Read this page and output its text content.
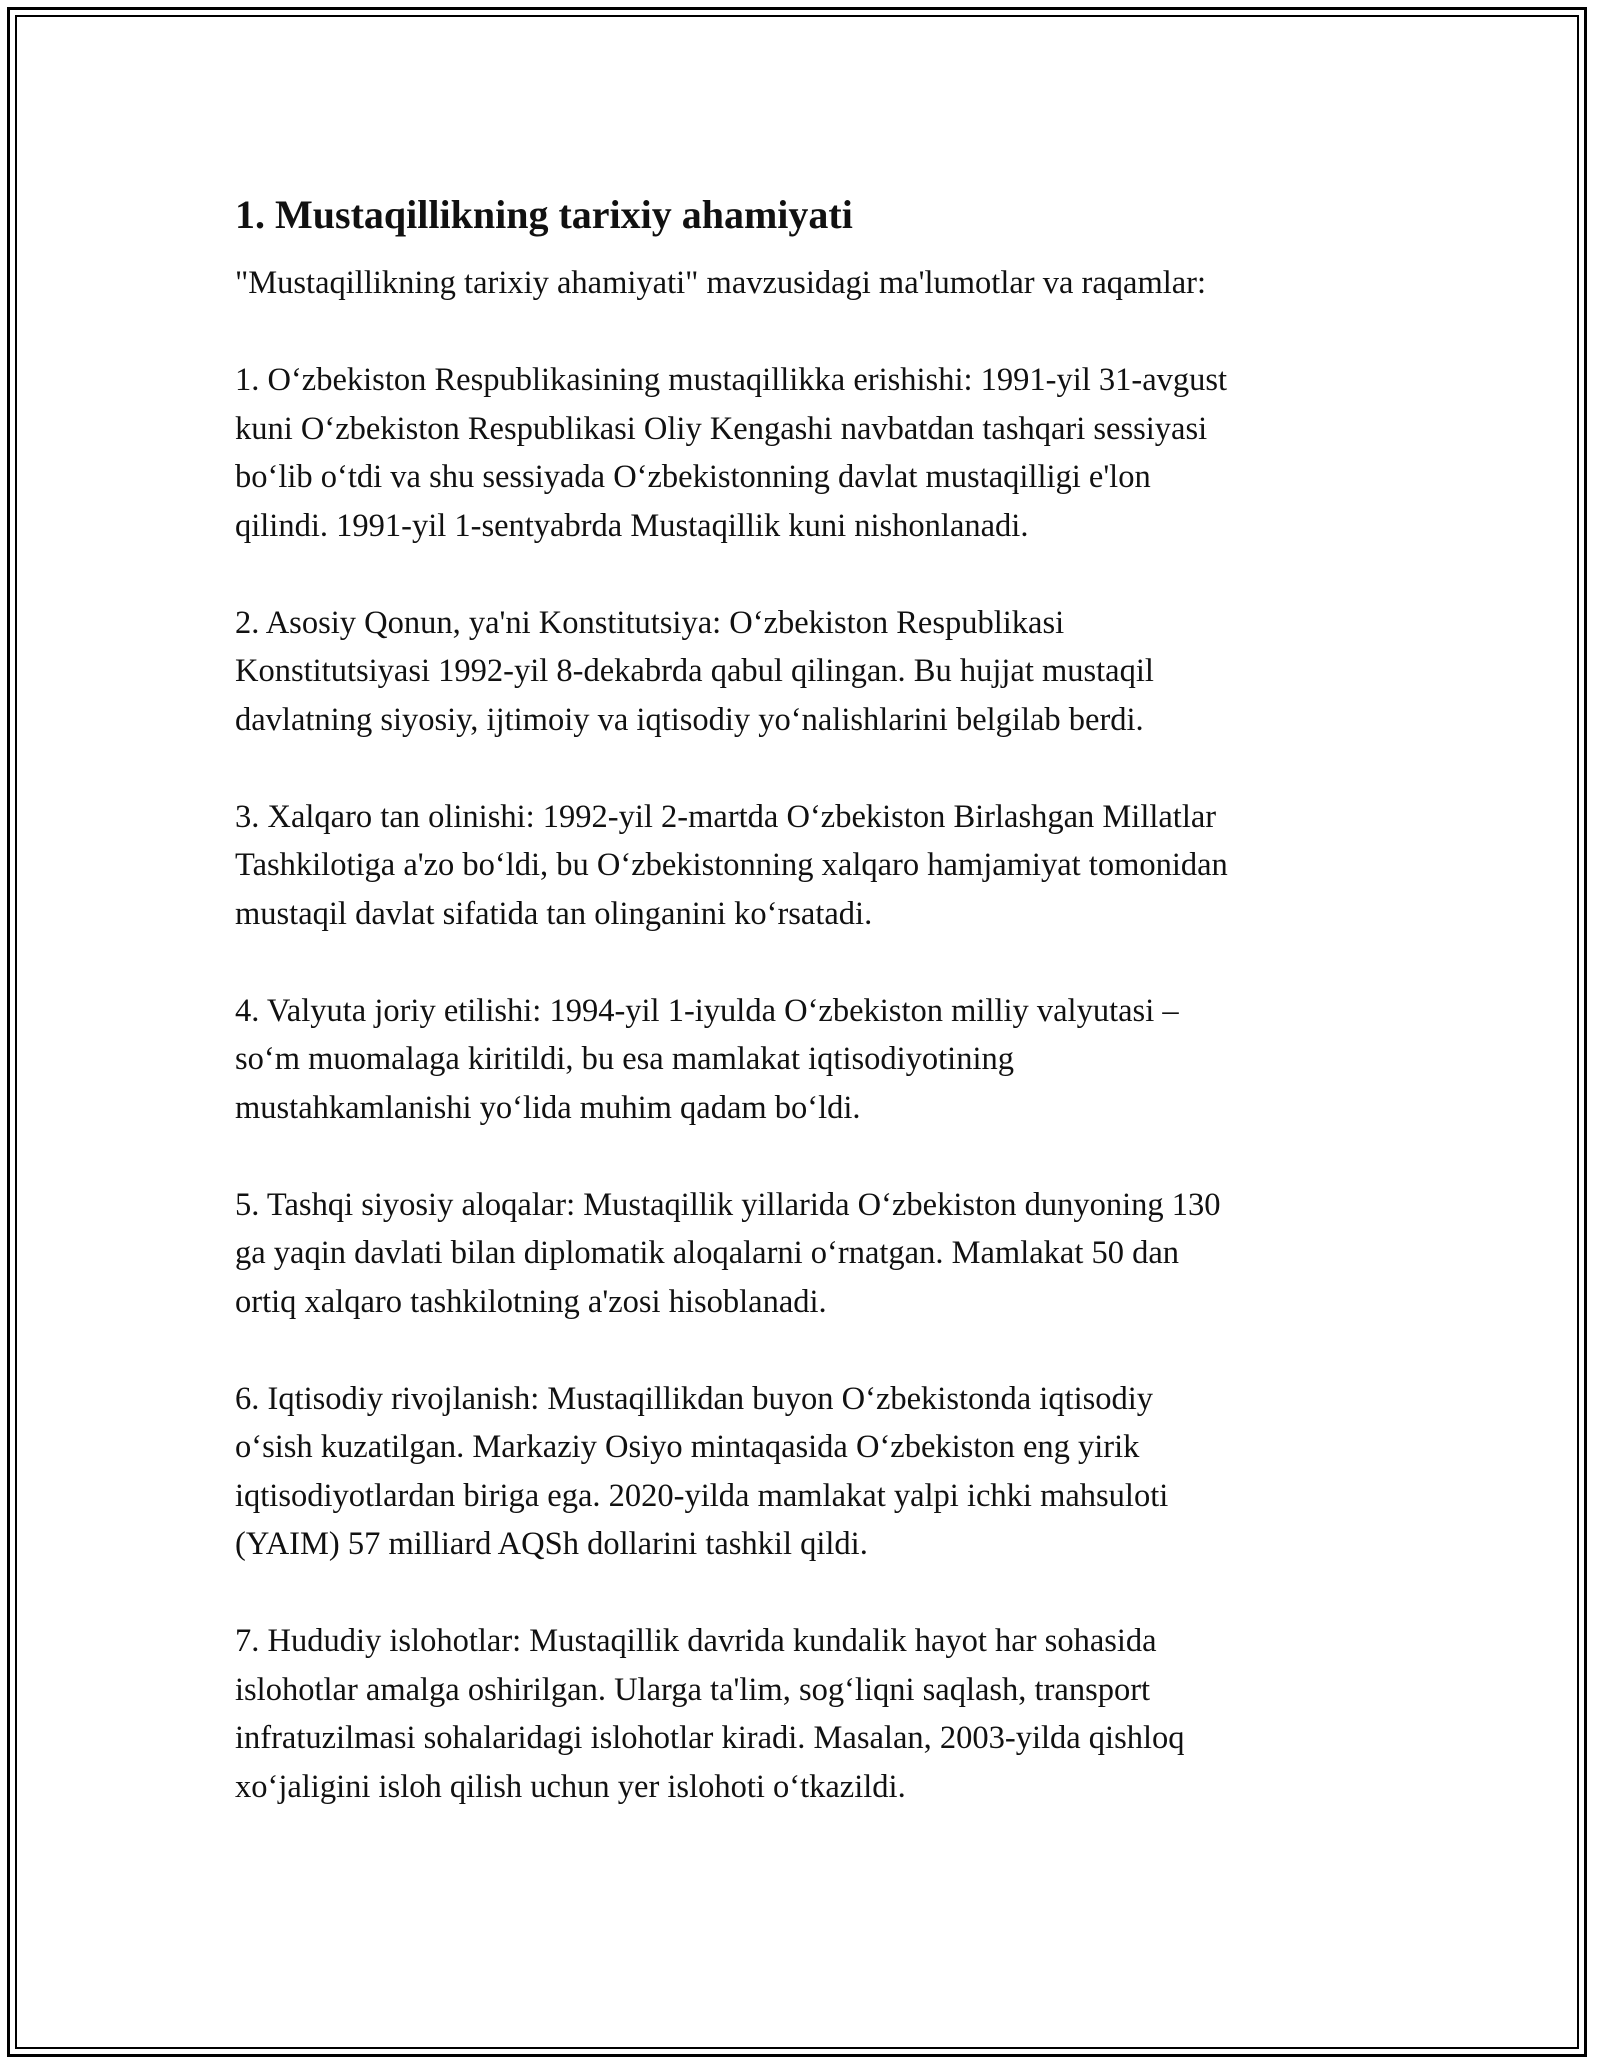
1. Mustaqillikning tarixiy ahamiyati

"Mustaqillikning tarixiy ahamiyati" mavzusidagi ma'lumotlar va raqamlar:

1. O‘zbekiston Respublikasining mustaqillikka erishishi: 1991-yil 31-avgust
kuni O‘zbekiston Respublikasi Oliy Kengashi navbatdan tashqari sessiyasi
bo‘lib o‘tdi va shu sessiyada O‘zbekistonning davlat mustaqilligi e'lon
qilindi. 1991-yil 1-sentyabrda Mustaqillik kuni nishonlanadi.

2. Asosiy Qonun, ya'ni Konstitutsiya: O‘zbekiston Respublikasi
Konstitutsiyasi 1992-yil 8-dekabrda qabul qilingan. Bu hujjat mustaqil
davlatning siyosiy, ijtimoiy va iqtisodiy yo‘nalishlarini belgilab berdi.

3. Xalqaro tan olinishi: 1992-yil 2-martda O‘zbekiston Birlashgan Millatlar
Tashkilotiga a'zo bo‘ldi, bu O‘zbekistonning xalqaro hamjamiyat tomonidan
mustaqil davlat sifatida tan olinganini ko‘rsatadi.

4. Valyuta joriy etilishi: 1994-yil 1-iyulda O‘zbekiston milliy valyutasi –
so‘m muomalaga kiritildi, bu esa mamlakat iqtisodiyotining
mustahkamlanishi yo‘lida muhim qadam bo‘ldi.

5. Tashqi siyosiy aloqalar: Mustaqillik yillarida O‘zbekiston dunyoning 130
ga yaqin davlati bilan diplomatik aloqalarni o‘rnatgan. Mamlakat 50 dan
ortiq xalqaro tashkilotning a'zosi hisoblanadi.

6. Iqtisodiy rivojlanish: Mustaqillikdan buyon O‘zbekistonda iqtisodiy
o‘sish kuzatilgan. Markaziy Osiyo mintaqasida O‘zbekiston eng yirik
iqtisodiyotlardan biriga ega. 2020-yilda mamlakat yalpi ichki mahsuloti
(YAIM) 57 milliard AQSh dollarini tashkil qildi.

7. Hududiy islohotlar: Mustaqillik davrida kundalik hayot har sohasida
islohotlar amalga oshirilgan. Ularga ta'lim, sog‘liqni saqlash, transport
infratuzilmasi sohalaridagi islohotlar kiradi. Masalan, 2003-yilda qishloq
xo‘jaligini isloh qilish uchun yer islohoti o‘tkazildi.
